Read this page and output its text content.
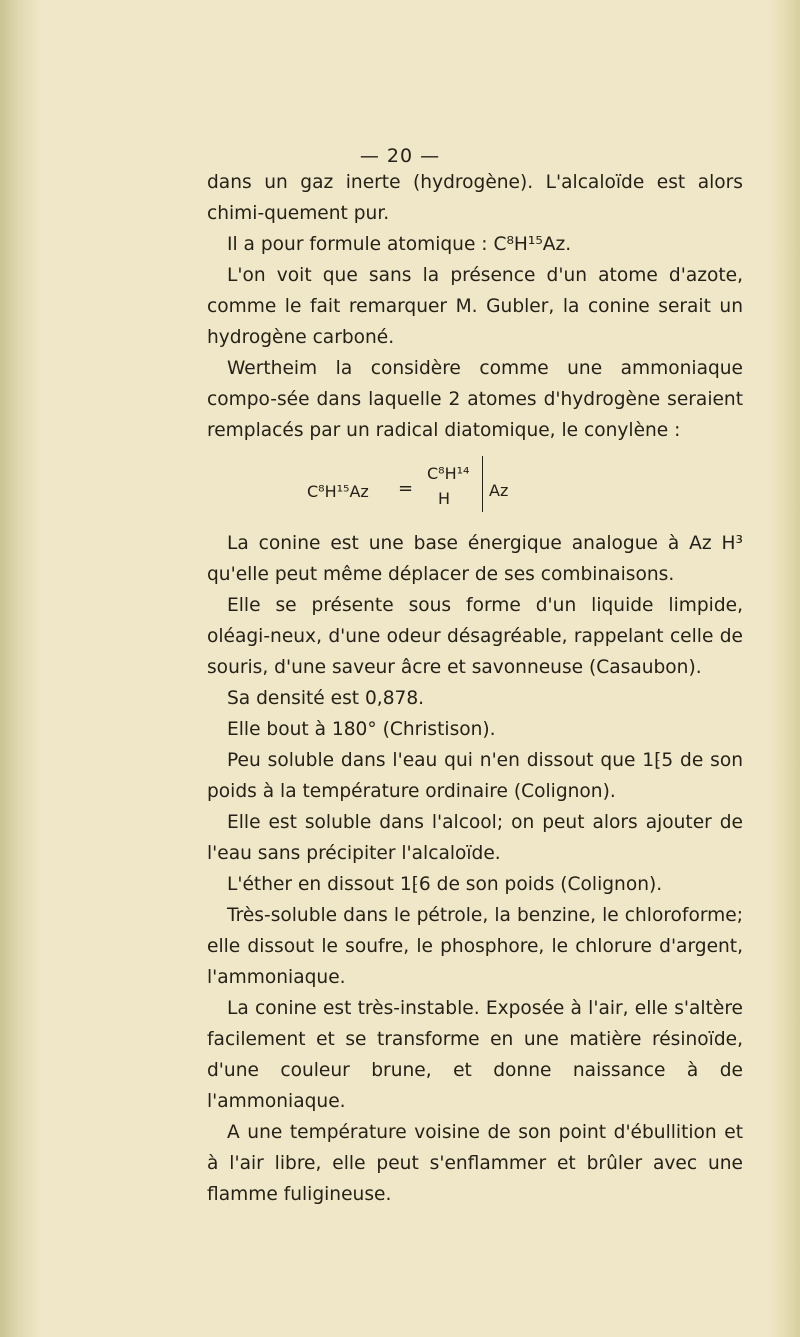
— 20 —

dans un gaz inerte (hydrogène). L'alcaloïde est alors chimi-quement pur.

Il a pour formule atomique : C⁸H¹⁵Az.

L'on voit que sans la présence d'un atome d'azote, comme le fait remarquer M. Gubler, la conine serait un hydrogène carboné.

Wertheim la considère comme une ammoniaque compo-sée dans laquelle 2 atomes d'hydrogène seraient remplacés par un radical diatomique, le conylène :

C⁸H¹⁵Az =
C⁸H¹⁴
H Az

La conine est une base énergique analogue à Az H³ qu'elle peut même déplacer de ses combinaisons.

Elle se présente sous forme d'un liquide limpide, oléagi-neux, d'une odeur désagréable, rappelant celle de souris, d'une saveur âcre et savonneuse (Casaubon).

Sa densité est 0,878.

Elle bout à 180° (Christison).

Peu soluble dans l'eau qui n'en dissout que 1⁅5 de son poids à la température ordinaire (Colignon).

Elle est soluble dans l'alcool; on peut alors ajouter de l'eau sans précipiter l'alcaloïde.

L'éther en dissout 1⁅6 de son poids (Colignon).

Très-soluble dans le pétrole, la benzine, le chloroforme; elle dissout le soufre, le phosphore, le chlorure d'argent, l'ammoniaque.

La conine est très-instable. Exposée à l'air, elle s'altère facilement et se transforme en une matière résinoïde, d'une couleur brune, et donne naissance à de l'ammoniaque.

A une température voisine de son point d'ébullition et à l'air libre, elle peut s'enflammer et brûler avec une flamme fuligineuse.
